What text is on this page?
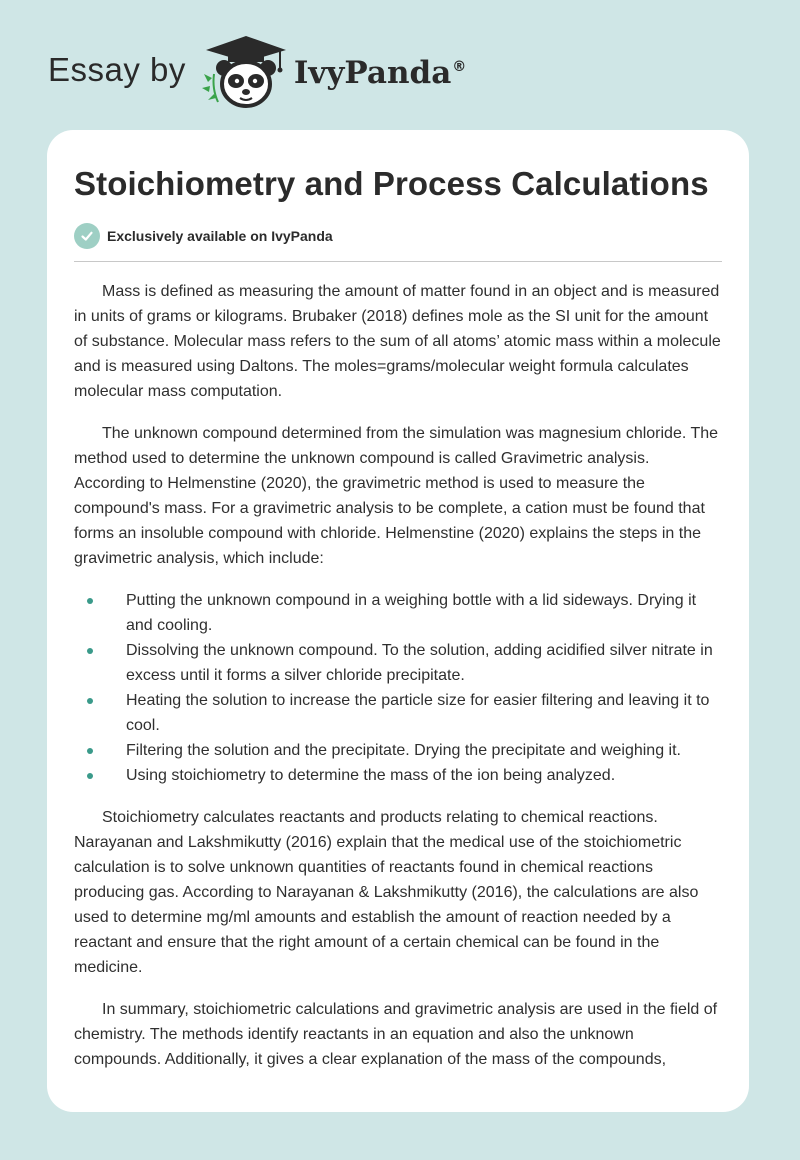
Essay by	IvyPanda®
Stoichiometry and Process Calculations
Exclusively available on IvyPanda

Mass is defined as measuring the amount of matter found in an object and is measured in units of grams or kilograms. Brubaker (2018) defines mole as the SI unit for the amount of substance. Molecular mass refers to the sum of all atoms’ atomic mass within a molecule and is measured using Daltons. The moles=grams/molecular weight formula calculates molecular mass computation.

The unknown compound determined from the simulation was magnesium chloride. The method used to determine the unknown compound is called Gravimetric analysis. According to Helmenstine (2020), the gravimetric method is used to measure the compound's mass. For a gravimetric analysis to be complete, a cation must be found that forms an insoluble compound with chloride. Helmenstine (2020) explains the steps in the gravimetric analysis, which include:

Putting the unknown compound in a weighing bottle with a lid sideways. Drying it and cooling.
Dissolving the unknown compound. To the solution, adding acidified silver nitrate in excess until it forms a silver chloride precipitate.
Heating the solution to increase the particle size for easier filtering and leaving it to cool.
Filtering the solution and the precipitate. Drying the precipitate and weighing it.
Using stoichiometry to determine the mass of the ion being analyzed.

Stoichiometry calculates reactants and products relating to chemical reactions. Narayanan and Lakshmikutty (2016) explain that the medical use of the stoichiometric calculation is to solve unknown quantities of reactants found in chemical reactions producing gas. According to Narayanan & Lakshmikutty (2016), the calculations are also used to determine mg/ml amounts and establish the amount of reaction needed by a reactant and ensure that the right amount of a certain chemical can be found in the medicine.

In summary, stoichiometric calculations and gravimetric analysis are used in the field of chemistry. The methods identify reactants in an equation and also the unknown compounds. Additionally, it gives a clear explanation of the mass of the compounds,
